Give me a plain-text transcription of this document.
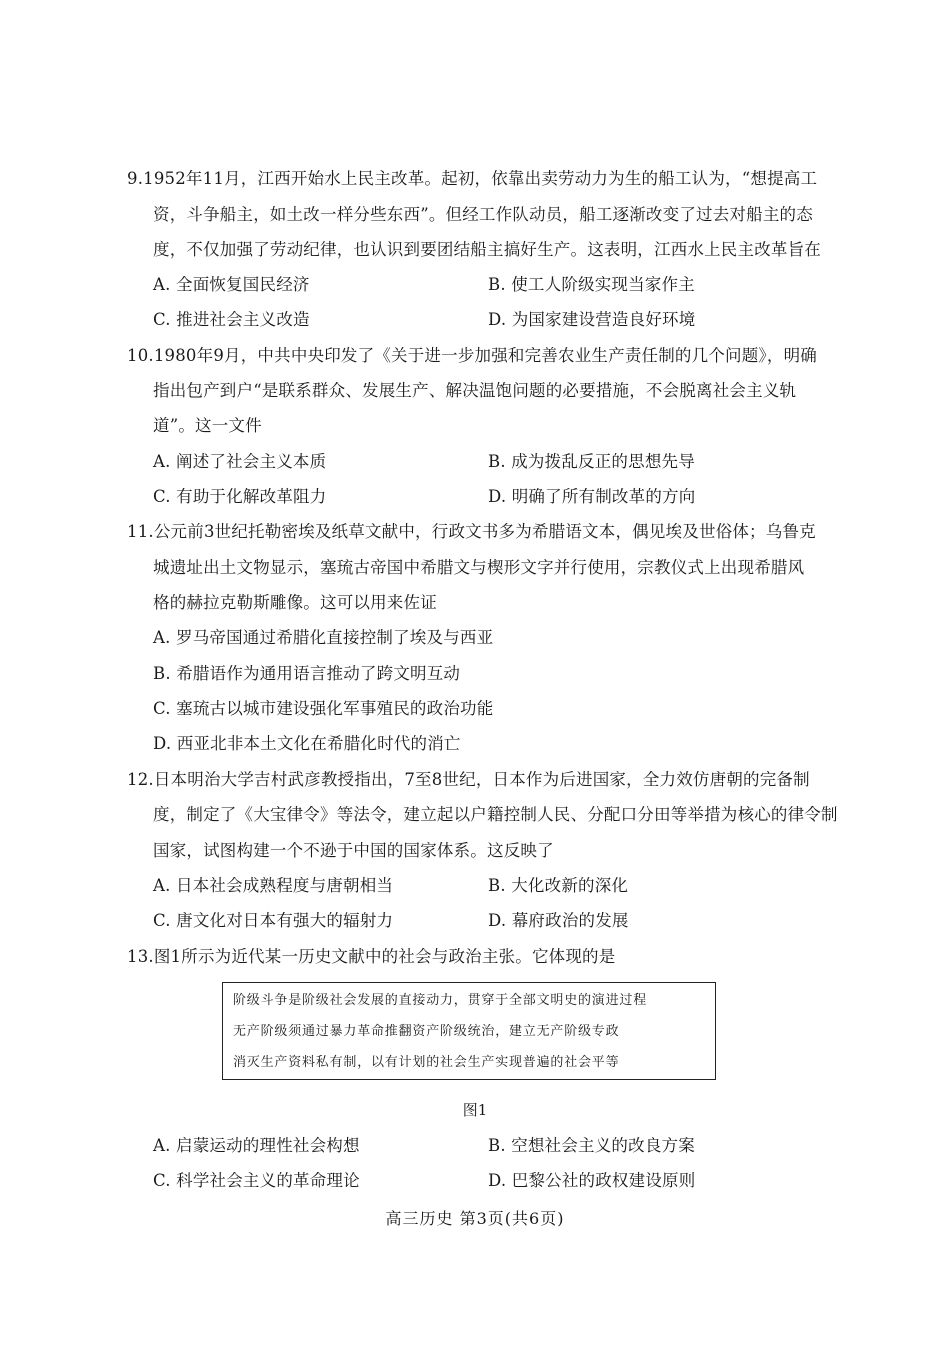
9.1952年11月，江西开始水上民主改革。起初，依靠出卖劳动力为生的船工认为，“想提高工
资，斗争船主，如土改一样分些东西”。但经工作队动员，船工逐渐改变了过去对船主的态
度，不仅加强了劳动纪律，也认识到要团结船主搞好生产。这表明，江西水上民主改革旨在
A. 全面恢复国民经济	B. 使工人阶级实现当家作主
C. 推进社会主义改造	D. 为国家建设营造良好环境
10.1980年9月，中共中央印发了《关于进一步加强和完善农业生产责任制的几个问题》，明确
指出包产到户“是联系群众、发展生产、解决温饱问题的必要措施，不会脱离社会主义轨
道”。这一文件
A. 阐述了社会主义本质	B. 成为拨乱反正的思想先导
C. 有助于化解改革阻力	D. 明确了所有制改革的方向
11.公元前3世纪托勒密埃及纸草文献中，行政文书多为希腊语文本，偶见埃及世俗体；乌鲁克
城遗址出土文物显示，塞琉古帝国中希腊文与楔形文字并行使用，宗教仪式上出现希腊风
格的赫拉克勒斯雕像。这可以用来佐证
A. 罗马帝国通过希腊化直接控制了埃及与西亚
B. 希腊语作为通用语言推动了跨文明互动
C. 塞琉古以城市建设强化军事殖民的政治功能
D. 西亚北非本土文化在希腊化时代的消亡
12.日本明治大学吉村武彦教授指出，7至8世纪，日本作为后进国家，全力效仿唐朝的完备制
度，制定了《大宝律令》等法令，建立起以户籍控制人民、分配口分田等举措为核心的律令制
国家，试图构建一个不逊于中国的国家体系。这反映了
A. 日本社会成熟程度与唐朝相当	B. 大化改新的深化
C. 唐文化对日本有强大的辐射力	D. 幕府政治的发展
13.图1所示为近代某一历史文献中的社会与政治主张。它体现的是
阶级斗争是阶级社会发展的直接动力，贯穿于全部文明史的演进过程
无产阶级须通过暴力革命推翻资产阶级统治，建立无产阶级专政
消灭生产资料私有制，以有计划的社会生产实现普遍的社会平等
图1
A. 启蒙运动的理性社会构想	B. 空想社会主义的改良方案
C. 科学社会主义的革命理论	D. 巴黎公社的政权建设原则
高三历史 第3页(共6页)
